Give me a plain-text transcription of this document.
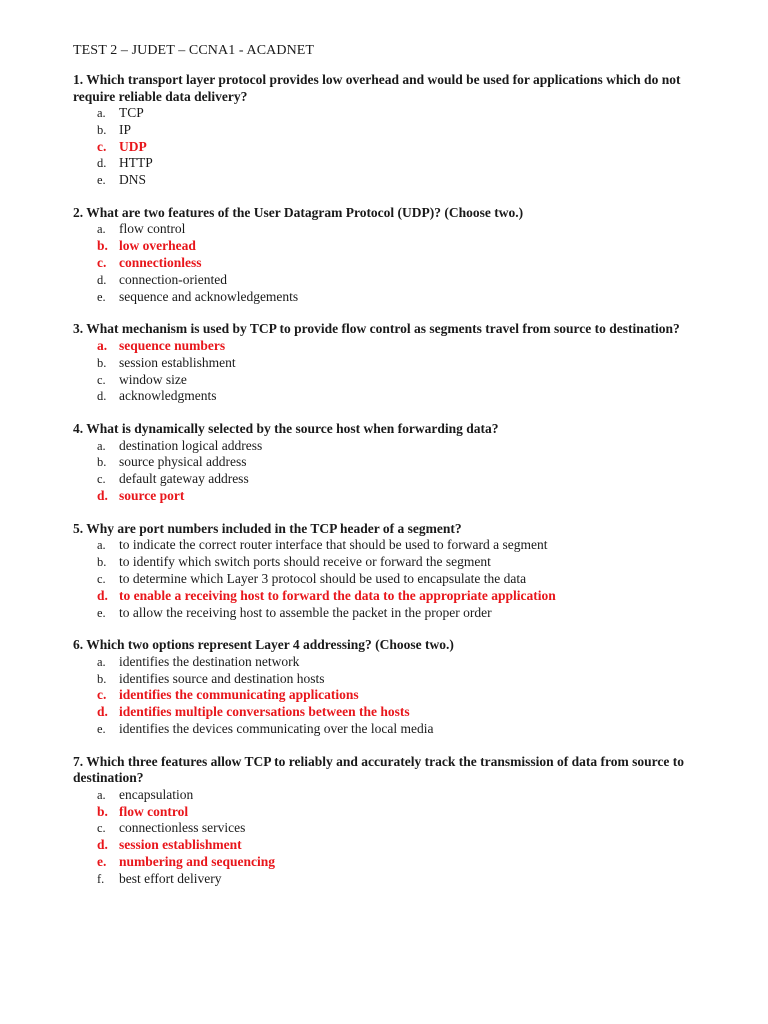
TEST 2 – JUDET – CCNA1 - ACADNET

1. Which transport layer protocol provides low overhead and would be used for applications which do not require reliable data delivery?

a. TCP
b. IP
c. UDP
d. HTTP
e. DNS

2. What are two features of the User Datagram Protocol (UDP)? (Choose two.)

a. flow control
b. low overhead
c. connectionless
d. connection-oriented
e. sequence and acknowledgements

3. What mechanism is used by TCP to provide flow control as segments travel from source to destination?

a. sequence numbers
b. session establishment
c. window size
d. acknowledgments

4. What is dynamically selected by the source host when forwarding data?

a. destination logical address
b. source physical address
c. default gateway address
d. source port

5. Why are port numbers included in the TCP header of a segment?

a. to indicate the correct router interface that should be used to forward a segment
b. to identify which switch ports should receive or forward the segment
c. to determine which Layer 3 protocol should be used to encapsulate the data
d. to enable a receiving host to forward the data to the appropriate application
e. to allow the receiving host to assemble the packet in the proper order

6. Which two options represent Layer 4 addressing? (Choose two.)

a. identifies the destination network
b. identifies source and destination hosts
c. identifies the communicating applications
d. identifies multiple conversations between the hosts
e. identifies the devices communicating over the local media

7. Which three features allow TCP to reliably and accurately track the transmission of data from source to destination?

a. encapsulation
b. flow control
c. connectionless services
d. session establishment
e. numbering and sequencing
f.	best effort delivery
